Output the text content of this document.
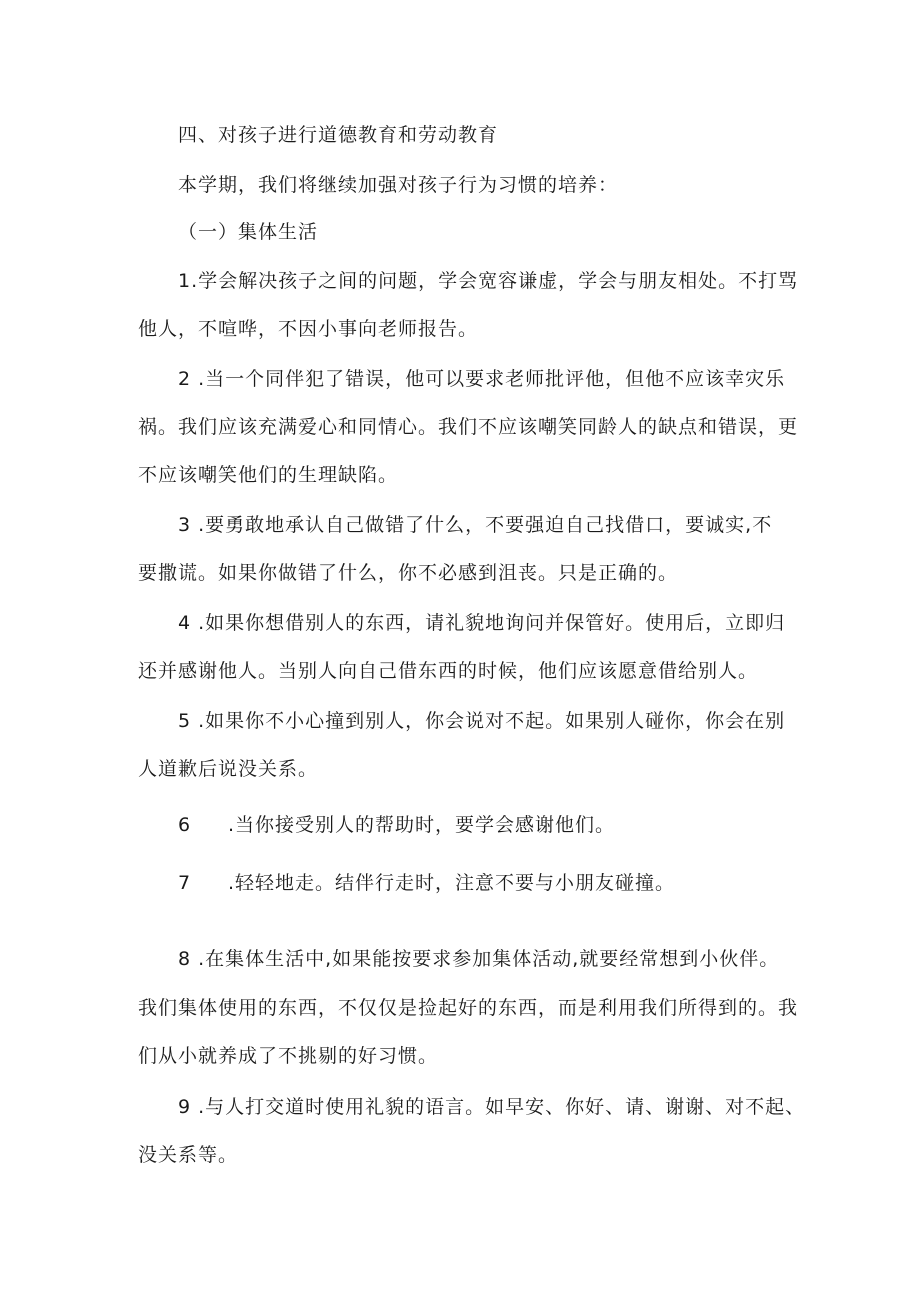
四、对孩子进行道德教育和劳动教育
本学期，我们将继续加强对孩子行为习惯的培养：
（一）集体生活
1.学会解决孩子之间的问题，学会宽容谦虚，学会与朋友相处。不打骂
他人，不喧哗，不因小事向老师报告。
2 .当一个同伴犯了错误，他可以要求老师批评他，但他不应该幸灾乐
祸。我们应该充满爱心和同情心。我们不应该嘲笑同龄人的缺点和错误，更
不应该嘲笑他们的生理缺陷。
3 .要勇敢地承认自己做错了什么，不要强迫自己找借口，要诚实,不
要撒谎。如果你做错了什么，你不必感到沮丧。只是正确的。
4 .如果你想借别人的东西，请礼貌地询问并保管好。使用后，立即归
还并感谢他人。当别人向自己借东西的时候，他们应该愿意借给别人。
5 .如果你不小心撞到别人，你会说对不起。如果别人碰你，你会在别
人道歉后说没关系。
6 .当你接受别人的帮助时，要学会感谢他们。
7 .轻轻地走。结伴行走时，注意不要与小朋友碰撞。
8 .在集体生活中,如果能按要求参加集体活动,就要经常想到小伙伴。
我们集体使用的东西，不仅仅是捡起好的东西，而是利用我们所得到的。我
们从小就养成了不挑剔的好习惯。
9 .与人打交道时使用礼貌的语言。如早安、你好、请、谢谢、对不起、
没关系等。
